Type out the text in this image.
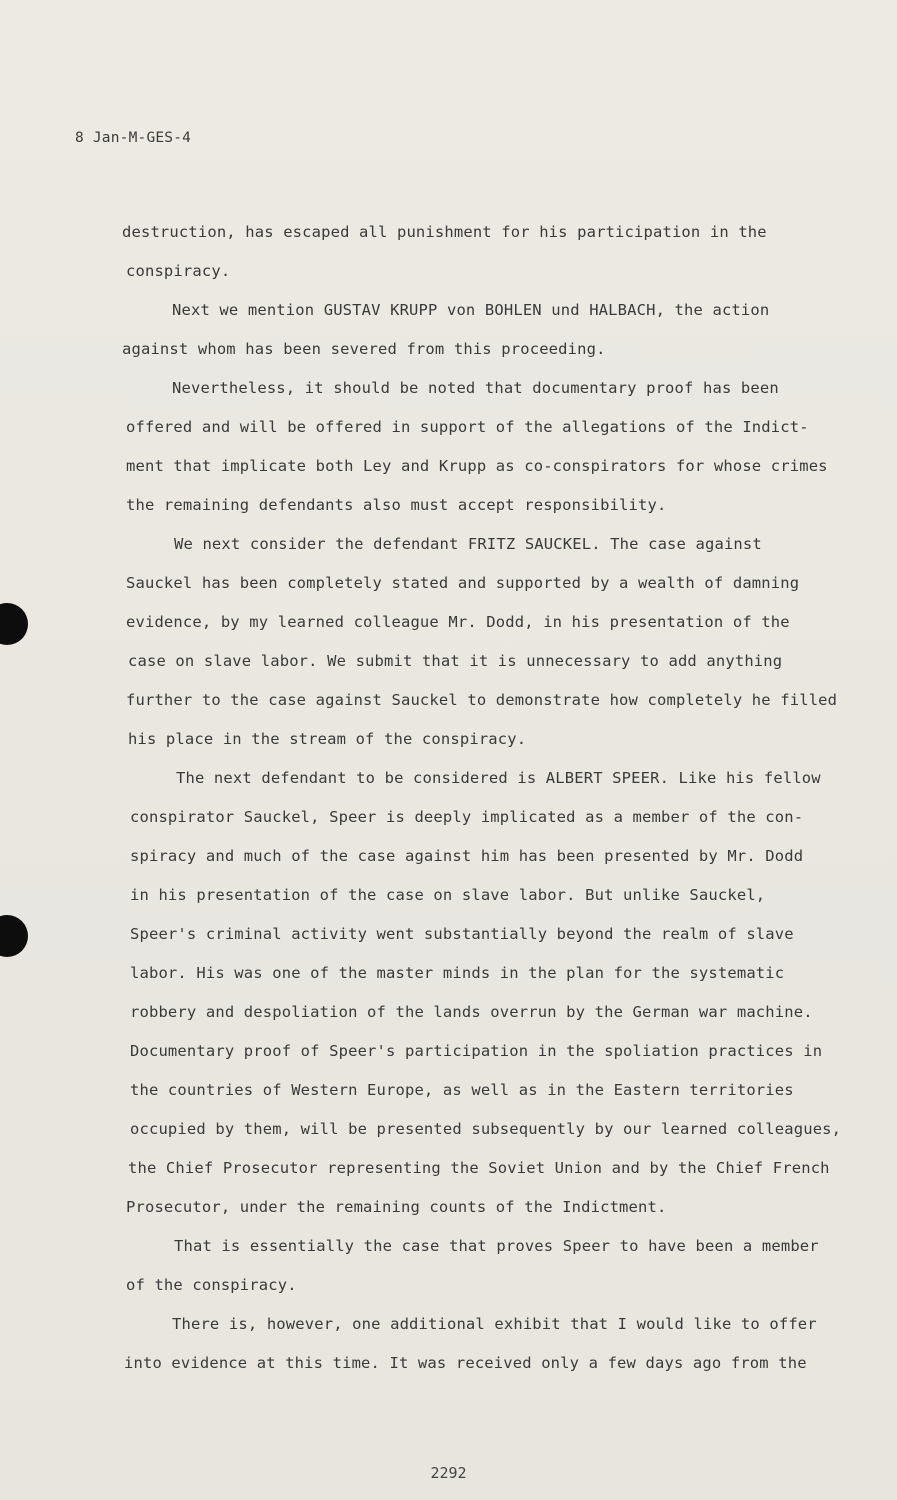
8 Jan-M-GES-4
destruction, has escaped all punishment for his participation in the
conspiracy.
Next we mention GUSTAV KRUPP von BOHLEN und HALBACH, the action
against whom has been severed from this proceeding.
Nevertheless, it should be noted that documentary proof has been
offered and will be offered in support of the allegations of the Indict-
ment that implicate both Ley and Krupp as co-conspirators for whose crimes
the remaining defendants also must accept responsibility.
We next consider the defendant FRITZ SAUCKEL. The case against
Sauckel has been completely stated and supported by a wealth of damning
evidence, by my learned colleague Mr. Dodd, in his presentation of the
case on slave labor. We submit that it is unnecessary to add anything
further to the case against Sauckel to demonstrate how completely he filled
his place in the stream of the conspiracy.
The next defendant to be considered is ALBERT SPEER. Like his fellow
conspirator Sauckel, Speer is deeply implicated as a member of the con-
spiracy and much of the case against him has been presented by Mr. Dodd
in his presentation of the case on slave labor. But unlike Sauckel,
Speer's criminal activity went substantially beyond the realm of slave
labor. His was one of the master minds in the plan for the systematic
robbery and despoliation of the lands overrun by the German war machine.
Documentary proof of Speer's participation in the spoliation practices in
the countries of Western Europe, as well as in the Eastern territories
occupied by them, will be presented subsequently by our learned colleagues,
the Chief Prosecutor representing the Soviet Union and by the Chief French
Prosecutor, under the remaining counts of the Indictment.
That is essentially the case that proves Speer to have been a member
of the conspiracy.
There is, however, one additional exhibit that I would like to offer
into evidence at this time. It was received only a few days ago from the
2292
